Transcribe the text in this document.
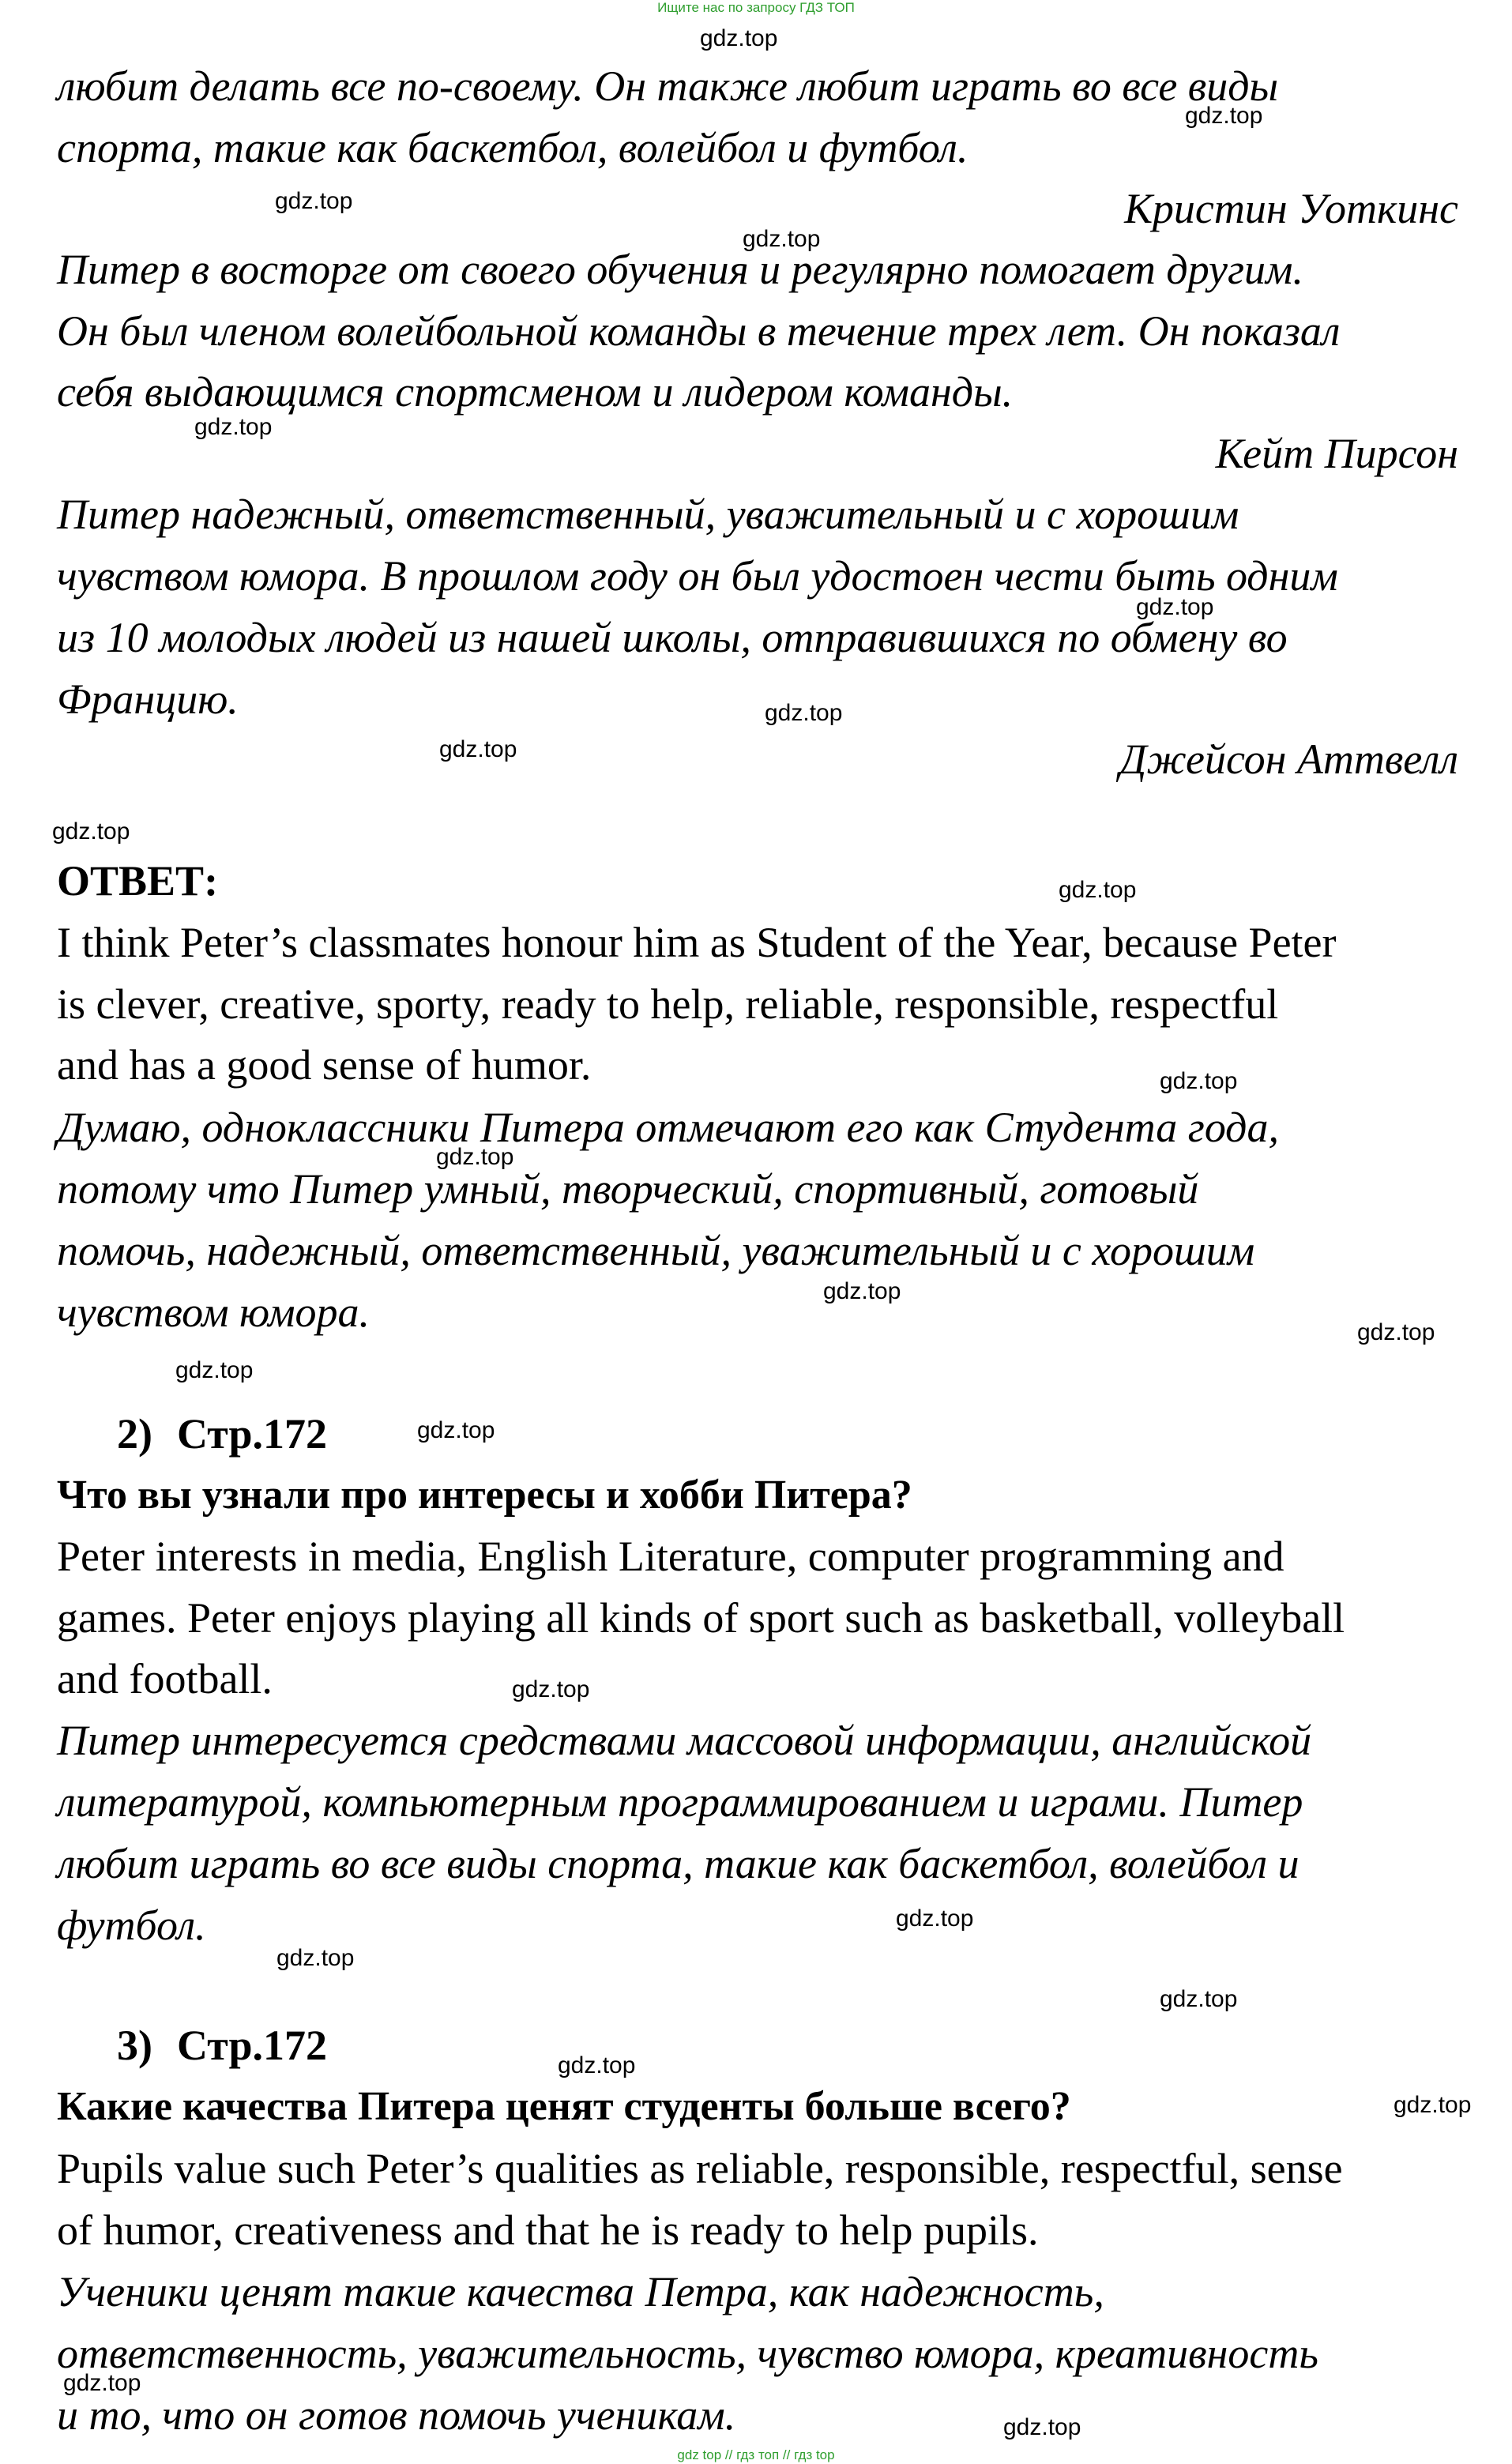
Ищите нас по запросу ГДЗ ТОП
любит делать все по-своему. Он также любит играть во все виды
спорта, такие как баскетбол, волейбол и футбол.
Кристин Уоткинс
Питер в восторге от своего обучения и регулярно помогает другим.
Он был членом волейбольной команды в течение трех лет. Он показал
себя выдающимся спортсменом и лидером команды.
Кейт Пирсон
Питер надежный, ответственный, уважительный и с хорошим
чувством юмора. В прошлом году он был удостоен чести быть одним
из 10 молодых людей из нашей школы, отправившихся по обмену во
Францию.
Джейсон Аттвелл
ОТВЕТ:
I think Peter’s classmates honour him as Student of the Year, because Peter
is clever, creative, sporty, ready to help, reliable, responsible, respectful
and has a good sense of humor.
Думаю, одноклассники Питера отмечают его как Студента года,
потому что Питер умный, творческий, спортивный, готовый
помочь, надежный, ответственный, уважительный и с хорошим
чувством юмора.
2) Стр.172
Что вы узнали про интересы и хобби Питера?
Peter interests in media, English Literature, computer programming and
games. Peter enjoys playing all kinds of sport such as basketball, volleyball
and football.
Питер интересуется средствами массовой информации, английской
литературой, компьютерным программированием и играми. Питер
любит играть во все виды спорта, такие как баскетбол, волейбол и
футбол.
3) Стр.172
Какие качества Питера ценят студенты больше всего?
Pupils value such Peter’s qualities as reliable, responsible, respectful, sense
of humor, creativeness and that he is ready to help pupils.
Ученики ценят такие качества Петра, как надежность,
ответственность, уважительность, чувство юмора, креативность
и то, что он готов помочь ученикам.
gdz.top
gdz.top
gdz.top
gdz.top
gdz.top
gdz.top
gdz.top
gdz.top
gdz.top
gdz.top
gdz.top
gdz.top
gdz.top
gdz.top
gdz.top
gdz.top
gdz.top
gdz.top
gdz.top
gdz.top
gdz.top
gdz.top
gdz.top
gdz.top
gdz top // гдз топ // гдз top
